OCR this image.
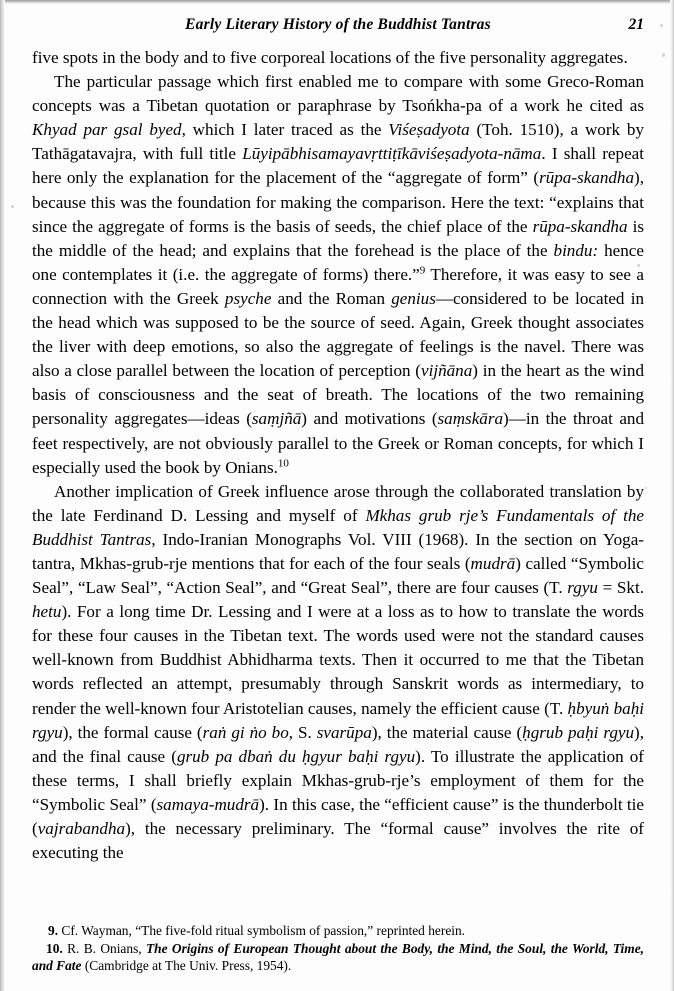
Early Literary History of the Buddhist Tantras	21

five spots in the body and to five corporeal locations of the five personality aggregates.

The particular passage which first enabled me to compare with some Greco-Roman concepts was a Tibetan quotation or paraphrase by Tsońkha-pa of a work he cited as Khyad par gsal byed, which I later traced as the Viśeṣadyota (Toh. 1510), a work by Tathāgatavajra, with full title Lūyipābhisamayavṛttiṭīkāviśeṣadyota-nāma. I shall repeat here only the explanation for the placement of the “aggregate of form” (rūpa-skandha), because this was the foundation for making the comparison. Here the text: “explains that since the aggregate of forms is the basis of seeds, the chief place of the rūpa-skandha is the middle of the head; and explains that the forehead is the place of the bindu: hence one contemplates it (i.e. the aggregate of forms) there.”$^9$ Therefore, it was easy to see a connection with the Greek psyche and the Roman genius—considered to be located in the head which was supposed to be the source of seed. Again, Greek thought associates the liver with deep emotions, so also the aggregate of feelings is the navel. There was also a close parallel between the location of perception (vijñāna) in the heart as the wind basis of consciousness and the seat of breath. The locations of the two remaining personality aggregates—ideas (saṃjñā) and motivations (saṃskāra)—in the throat and feet respectively, are not obviously parallel to the Greek or Roman concepts, for which I especially used the book by Onians.$^{10}$

Another implication of Greek influence arose through the collaborated translation by the late Ferdinand D. Lessing and myself of Mkhas grub rje’s Fundamentals of the Buddhist Tantras, Indo-Iranian Monographs Vol. VIII (1968). In the section on Yoga-tantra, Mkhas-grub-rje mentions that for each of the four seals (mudrā) called “Symbolic Seal”, “Law Seal”, “Action Seal”, and “Great Seal”, there are four causes (T. rgyu = Skt. hetu). For a long time Dr. Lessing and I were at a loss as to how to translate the words for these four causes in the Tibetan text. The words used were not the standard causes well-known from Buddhist Abhidharma texts. Then it occurred to me that the Tibetan words reflected an attempt, presumably through Sanskrit words as intermediary, to render the well-known four Aristotelian causes, namely the efficient cause (T. ḥbyuṅ baḥi rgyu), the formal cause (raṅ gi ṅo bo, S. svarūpa), the material cause (ḥgrub paḥi rgyu), and the final cause (grub pa dbaṅ du ḥgyur baḥi rgyu). To illustrate the application of these terms, I shall briefly explain Mkhas-grub-rje’s employment of them for the “Symbolic Seal” (samaya-mudrā). In this case, the “efficient cause” is the thunderbolt tie (vajrabandha), the necessary preliminary. The “formal cause” involves the rite of executing the

9. Cf. Wayman, “The five-fold ritual symbolism of passion,” reprinted herein.

10. R. B. Onians, The Origins of European Thought about the Body, the Mind, the Soul, the World, Time, and Fate (Cambridge at The Univ. Press, 1954).
